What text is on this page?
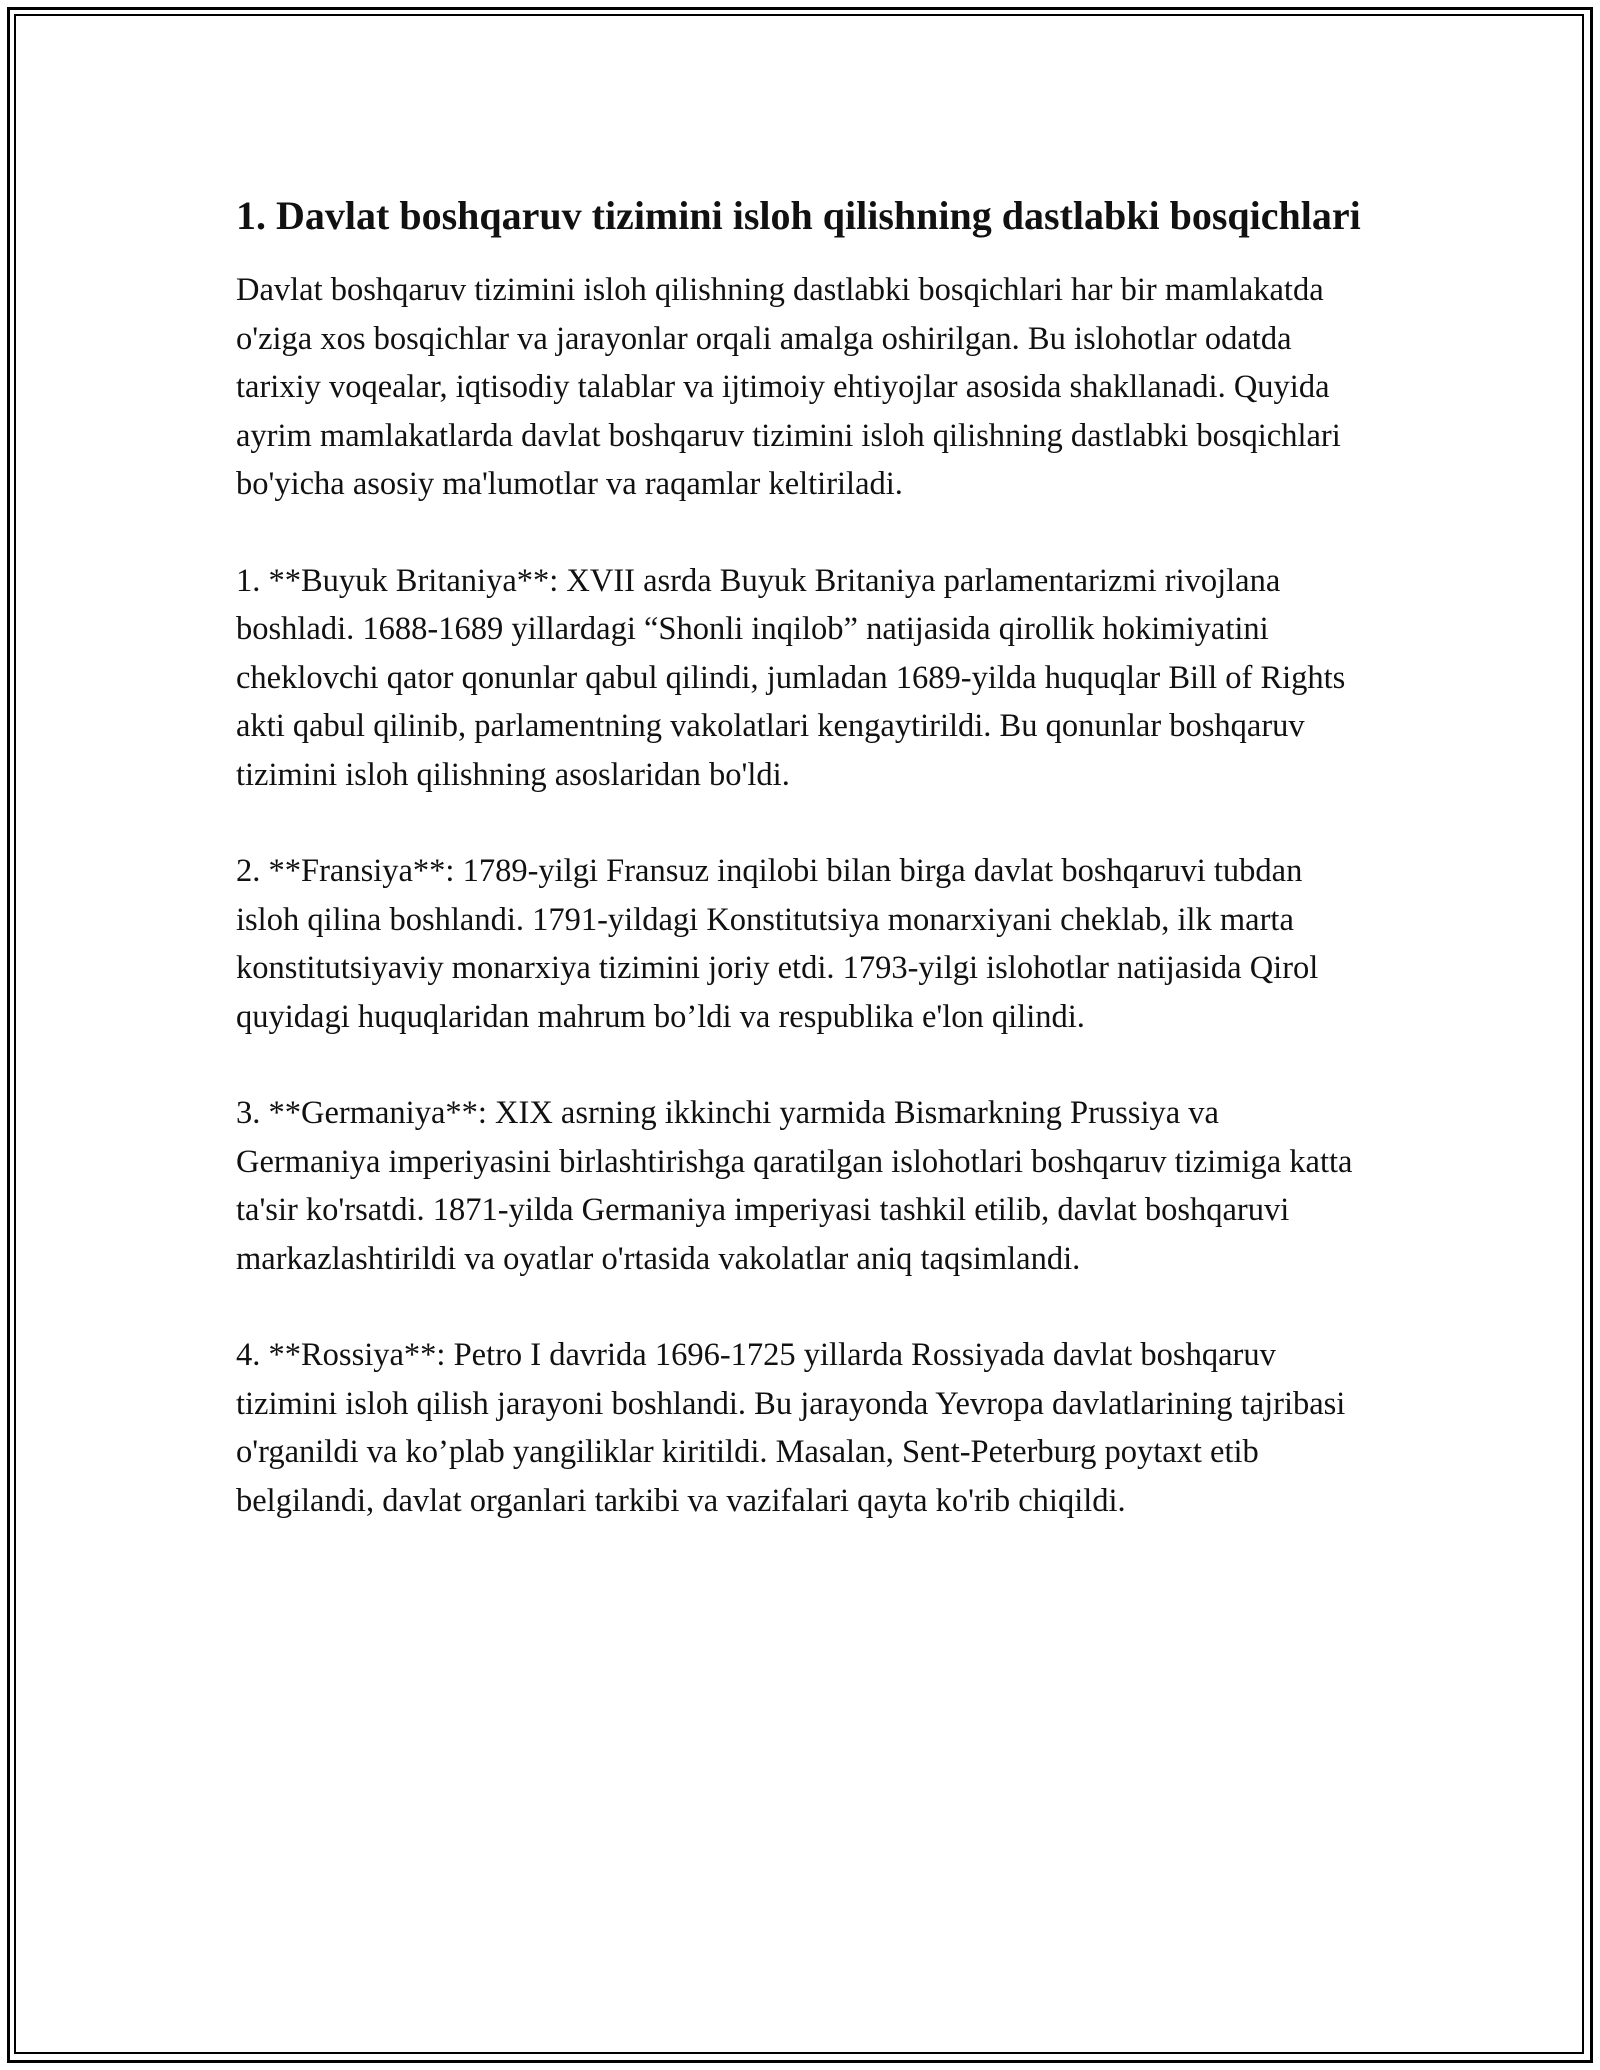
1. Davlat boshqaruv tizimini isloh qilishning dastlabki bosqichlari

Davlat boshqaruv tizimini isloh qilishning dastlabki bosqichlari har bir mamlakatda o'ziga xos bosqichlar va jarayonlar orqali amalga oshirilgan. Bu islohotlar odatda tarixiy voqealar, iqtisodiy talablar va ijtimoiy ehtiyojlar asosida shakllanadi. Quyida ayrim mamlakatlarda davlat boshqaruv tizimini isloh qilishning dastlabki bosqichlari bo'yicha asosiy ma'lumotlar va raqamlar keltiriladi.

1. **Buyuk Britaniya**: XVII asrda Buyuk Britaniya parlamentarizmi rivojlana boshladi. 1688-1689 yillardagi “Shonli inqilob” natijasida qirollik hokimiyatini cheklovchi qator qonunlar qabul qilindi, jumladan 1689-yilda huquqlar Bill of Rights akti qabul qilinib, parlamentning vakolatlari kengaytirildi. Bu qonunlar boshqaruv tizimini isloh qilishning asoslaridan bo'ldi.

2. **Fransiya**: 1789-yilgi Fransuz inqilobi bilan birga davlat boshqaruvi tubdan isloh qilina boshlandi. 1791-yildagi Konstitutsiya monarxiyani cheklab, ilk marta konstitutsiyaviy monarxiya tizimini joriy etdi. 1793-yilgi islohotlar natijasida Qirol quyidagi huquqlaridan mahrum bo’ldi va respublika e'lon qilindi.

3. **Germaniya**: XIX asrning ikkinchi yarmida Bismarkning Prussiya va Germaniya imperiyasini birlashtirishga qaratilgan islohotlari boshqaruv tizimiga katta ta'sir ko'rsatdi. 1871-yilda Germaniya imperiyasi tashkil etilib, davlat boshqaruvi markazlashtirildi va oyatlar o'rtasida vakolatlar aniq taqsimlandi.

4. **Rossiya**: Petro I davrida 1696-1725 yillarda Rossiyada davlat boshqaruv tizimini isloh qilish jarayoni boshlandi. Bu jarayonda Yevropa davlatlarining tajribasi o'rganildi va ko’plab yangiliklar kiritildi. Masalan, Sent-Peterburg poytaxt etib belgilandi, davlat organlari tarkibi va vazifalari qayta ko'rib chiqildi.
